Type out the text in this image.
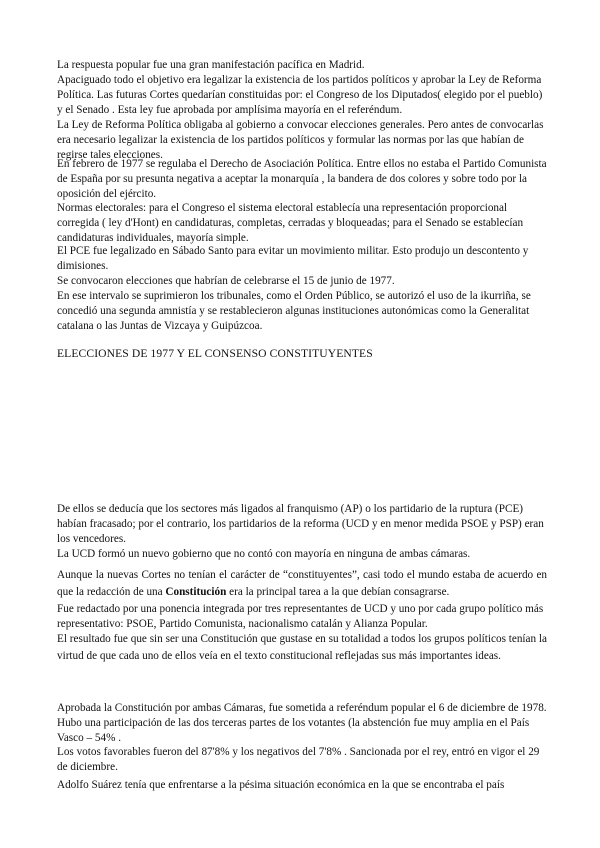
La respuesta popular fue una gran manifestación pacífica en Madrid.

Apaciguado todo el objetivo era legalizar la existencia de los partidos políticos y aprobar la Ley de Reforma Política. Las futuras Cortes quedarían constituidas por: el Congreso de los Diputados( elegido por el pueblo) y el Senado . Esta ley fue aprobada por amplísima mayoría en el referéndum.

La Ley de Reforma Política obligaba al gobierno a convocar elecciones generales. Pero antes de convocarlas era necesario legalizar la existencia de los partidos políticos y formular las normas por las que habían de regirse tales elecciones.

En febrero de 1977 se regulaba el Derecho de Asociación Política. Entre ellos no estaba el Partido Comunista de España por su presunta negativa a aceptar la monarquía , la bandera de dos colores y sobre todo por la oposición del ejército.

Normas electorales: para el Congreso el sistema electoral establecía una representación proporcional corregida ( ley d'Hont) en candidaturas, completas, cerradas y bloqueadas; para el Senado se establecían candidaturas individuales, mayoría simple.

El PCE fue legalizado en Sábado Santo para evitar un movimiento militar. Esto produjo un descontento y dimisiones.

Se convocaron elecciones que habrían de celebrarse el 15 de junio de 1977.

En ese intervalo se suprimieron los tribunales, como el Orden Público, se autorizó el uso de la ikurriña, se concedió una segunda amnistía y se restablecieron algunas instituciones autonómicas como la Generalitat catalana o las Juntas de Vizcaya y Guipúzcoa.

ELECCIONES DE 1977 Y EL CONSENSO CONSTITUYENTES

De ellos se deducía que los sectores más ligados al franquismo (AP) o los partidario de la ruptura (PCE) habían fracasado; por el contrario, los partidarios de la reforma (UCD y en menor medida PSOE y PSP) eran los vencedores.

La UCD formó un nuevo gobierno que no contó con mayoría en ninguna de ambas cámaras.

Aunque la nuevas Cortes no tenían el carácter de “constituyentes”, casi todo el mundo estaba de acuerdo en que la redacción de una Constitución era la principal tarea a la que debían consagrarse.

Fue redactado por una ponencia integrada por tres representantes de UCD y uno por cada grupo político más representativo: PSOE, Partido Comunista, nacionalismo catalán y Alianza Popular.

El resultado fue que sin ser una Constitución que gustase en su totalidad a todos los grupos políticos tenían la virtud de que cada uno de ellos veía en el texto constitucional reflejadas sus más importantes ideas.

Aprobada la Constitución por ambas Cámaras, fue sometida a referéndum popular el 6 de diciembre de 1978. Hubo una participación de las dos terceras partes de los votantes (la abstención fue muy amplia en el País Vasco – 54% .

Los votos favorables fueron del 87'8% y los negativos del 7'8% . Sancionada por el rey, entró en vigor el 29 de diciembre.

Adolfo Suárez tenía que enfrentarse a la pésima situación económica en la que se encontraba el país
